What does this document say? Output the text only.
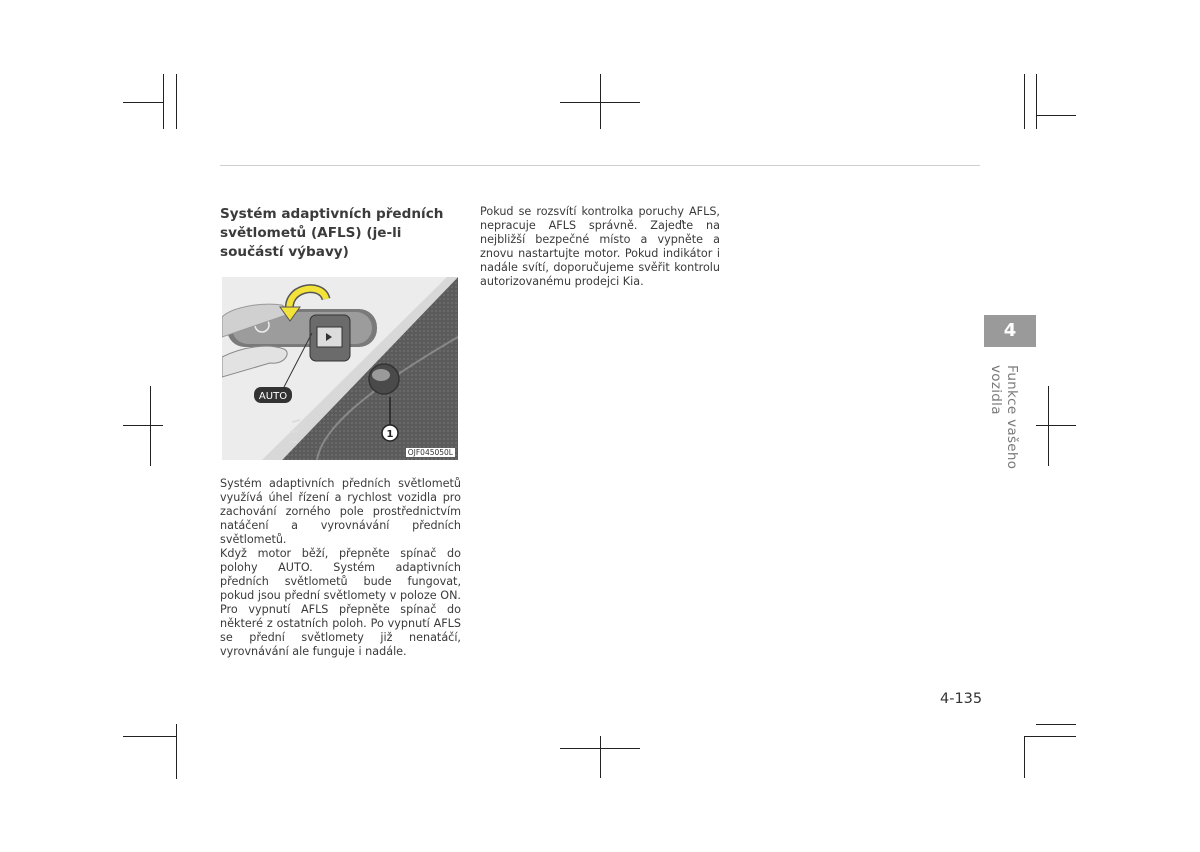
Systém adaptivních předních světlometů (AFLS) (je-li součástí výbavy)
AUTO
1
OJF045050L

Systém adaptivních předních světlometů využívá úhel řízení a rychlost vozidla pro zachování zorného pole prostřednictvím natáčení a vyrovnávání předních světlometů.

Když motor běží, přepněte spínač do polohy AUTO. Systém adaptivních předních světlometů bude fungovat, pokud jsou přední světlomety v poloze ON. Pro vypnutí AFLS přepněte spínač do některé z ostatních poloh. Po vypnutí AFLS se přední světlomety již nenatáčí, vyrovnávání ale funguje i nadále.

Pokud se rozsvítí kontrolka poruchy AFLS, nepracuje AFLS správně. Zajeďte na nejbližší bezpečné místo a vypněte a znovu nastartujte motor. Pokud indikátor i nadále svítí, doporučujeme svěřit kontrolu autorizovanému prodejci Kia.

4
Funkce vašeho vozidla
4-135
